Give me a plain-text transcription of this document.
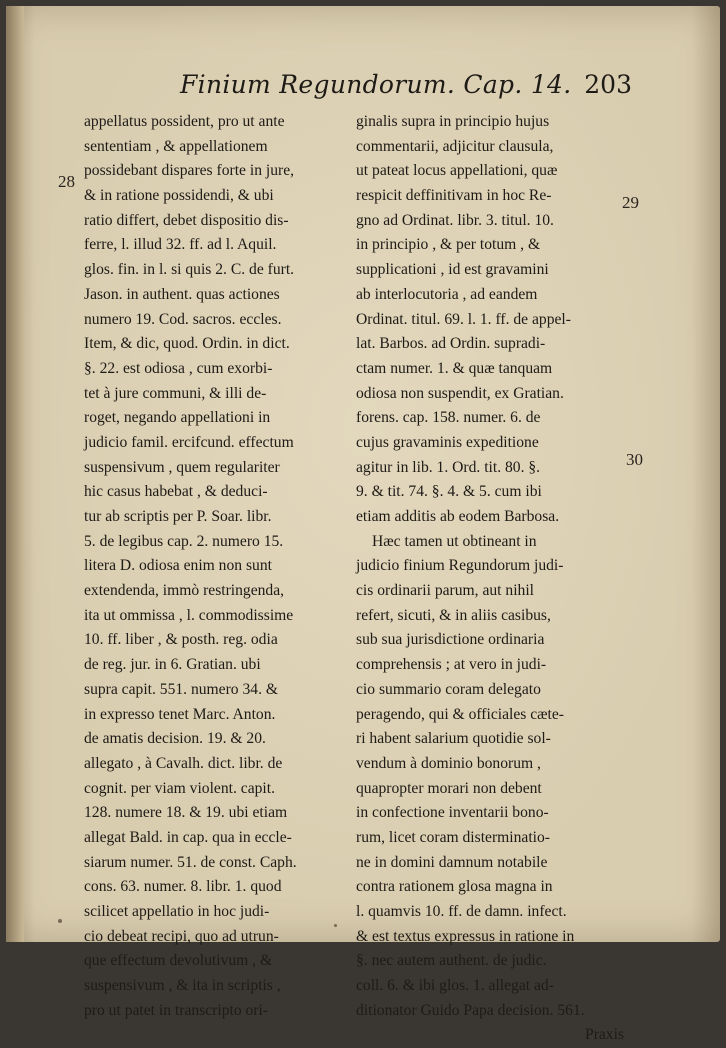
Finium Regundorum. Cap. 14. 203
28
29
30
appellatus possident, pro ut ante
sententiam , & appellationem
possidebant dispares forte in jure,
& in ratione possidendi, & ubi
ratio differt, debet dispositio dis-
ferre, l. illud 32. ff. ad l. Aquil.
glos. fin. in l. si quis 2. C. de furt.
Jason. in authent. quas actiones
numero 19. Cod. sacros. eccles.
Item, & dic, quod. Ordin. in dict.
§. 22. est odiosa , cum exorbi-
tet à jure communi, & illi de-
roget, negando appellationi in
judicio famil. ercifcund. effectum
suspensivum , quem regulariter
hic casus habebat , & deduci-
tur ab scriptis per P. Soar. libr.
5. de legibus cap. 2. numero 15.
litera D. odiosa enim non sunt
extendenda, immò restringenda,
ita ut ommissa , l. commodissime
10. ff. liber , & posth. reg. odia
de reg. jur. in 6. Gratian. ubi
supra capit. 551. numero 34. &
in expresso tenet Marc. Anton.
de amatis decision. 19. & 20.
allegato , à Cavalh. dict. libr. de
cognit. per viam violent. capit.
128. numere 18. & 19. ubi etiam
allegat Bald. in cap. qua in eccle-
siarum numer. 51. de const. Caph.
cons. 63. numer. 8. libr. 1. quod
scilicet appellatio in hoc judi-
cio debeat recipi, quo ad utrun-
que effectum devolutivum , &
suspensivum , & ita in scriptis ,
pro ut patet in transcripto ori-
ginalis supra in principio hujus
commentarii, adjicitur clausula,
ut pateat locus appellationi, quæ
respicit deffinitivam in hoc Re-
gno ad Ordinat. libr. 3. titul. 10.
in principio , & per totum , &
supplicationi , id est gravamini
ab interlocutoria , ad eandem
Ordinat. titul. 69. l. 1. ff. de appel-
lat. Barbos. ad Ordin. supradi-
ctam numer. 1. & quæ tanquam
odiosa non suspendit, ex Gratian.
forens. cap. 158. numer. 6. de
cujus gravaminis expeditione
agitur in lib. 1. Ord. tit. 80. §.
9. & tit. 74. §. 4. & 5. cum ibi
etiam additis ab eodem Barbosa.
Hæc tamen ut obtineant in
judicio finium Regundorum judi-
cis ordinarii parum, aut nihil
refert, sicuti, & in aliis casibus,
sub sua jurisdictione ordinaria
comprehensis ; at vero in judi-
cio summario coram delegato
peragendo, qui & officiales cæte-
ri habent salarium quotidie sol-
vendum à dominio bonorum ,
quapropter morari non debent
in confectione inventarii bono-
rum, licet coram disterminatio-
ne in domini damnum notabile
contra rationem glosa magna in
l. quamvis 10. ff. de damn. infect.
& est textus expressus in ratione in
§. nec autem authent. de judic.
coll. 6. & ibi glos. 1. allegat ad-
ditionator Guido Papa decision. 561.
Praxis
